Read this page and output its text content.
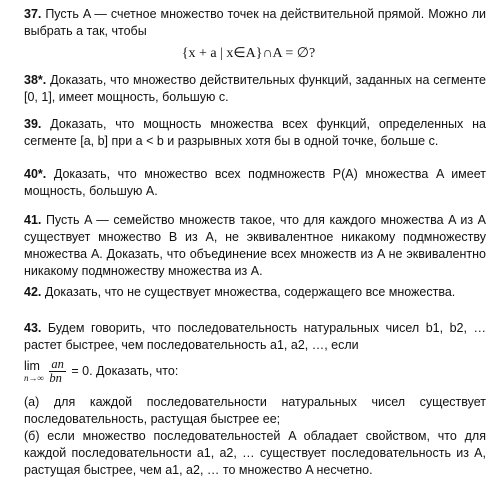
37. Пусть A — счетное множество точек на действительной прямой. Можно ли выбрать a так, чтобы
{x + a | x∈A}∩A = ∅?
38*. Доказать, что множество действительных функций, заданных на сегменте [0, 1], имеет мощность, большую с.
39. Доказать, что мощность множества всех функций, определенных на сегменте [a, b] при a < b и разрывных хотя бы в одной точке, больше с.
40*. Доказать, что множество всех подмножеств P(A) множества A имеет мощность, большую A.
41. Пусть A — семейство множеств такое, что для каждого множества A из A существует множество B из A, не эквивалентное никакому подмножеству множества A. Доказать, что объединение всех множеств из A не эквивалентно никакому подмножеству множества из A.
42. Доказать, что не существует множества, содержащего все множества.
43. Будем говорить, что последовательность натуральных чисел b1, b2, … растет быстрее, чем последовательность a1, a2, …, если
lim
n→∞
$\frac{an}{bn} = 0$. Доказать, что:
(а) для каждой последовательности натуральных чисел существует последовательность, растущая быстрее ее;
(б) если множество последовательностей A обладает свойством, что для каждой последовательности a1, a2, … существует последовательность из A, растущая быстрее, чем a1, a2, … то множество A несчетно.
